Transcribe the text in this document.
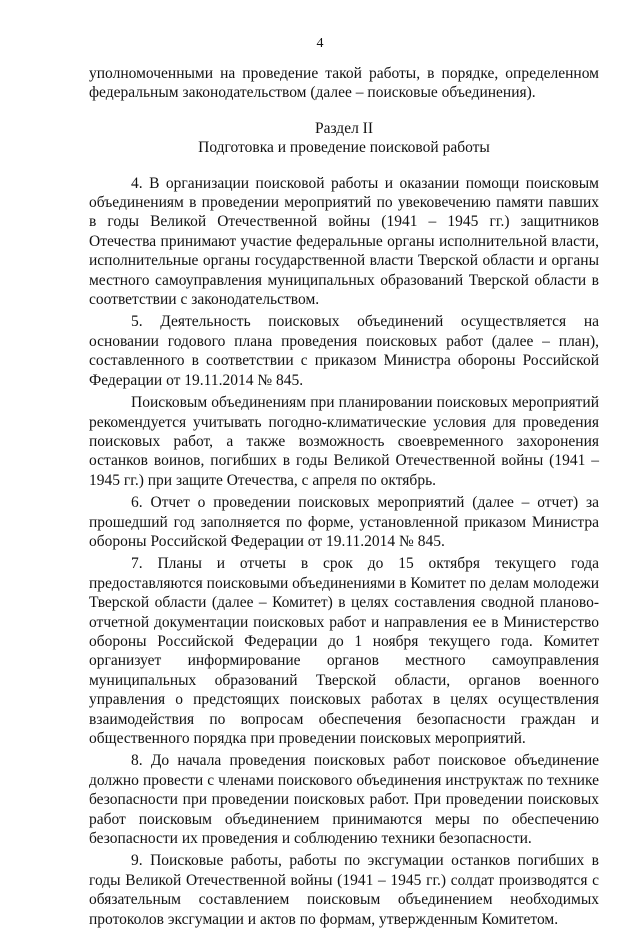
4

уполномоченными на проведение такой работы, в порядке, определенном федеральным законодательством (далее – поисковые объединения).

Раздел II

Подготовка и проведение поисковой работы

4. В организации поисковой работы и оказании помощи поисковым объединениям в проведении мероприятий по увековечению памяти павших в годы Великой Отечественной войны (1941 – 1945 гг.) защитников Отечества принимают участие федеральные органы исполнительной власти, исполнительные органы государственной власти Тверской области и органы местного самоуправления муниципальных образований Тверской области в соответствии с законодательством.

5. Деятельность поисковых объединений осуществляется на основании годового плана проведения поисковых работ (далее – план), составленного в соответствии с приказом Министра обороны Российской Федерации от 19.11.2014 № 845.

Поисковым объединениям при планировании поисковых мероприятий рекомендуется учитывать погодно-климатические условия для проведения поисковых работ, а также возможность своевременного захоронения останков воинов, погибших в годы Великой Отечественной войны (1941 – 1945 гг.) при защите Отечества, с апреля по октябрь.

6. Отчет о проведении поисковых мероприятий (далее – отчет) за прошедший год заполняется по форме, установленной приказом Министра обороны Российской Федерации от 19.11.2014 № 845.

7. Планы и отчеты в срок до 15 октября текущего года предоставляются поисковыми объединениями в Комитет по делам молодежи Тверской области (далее – Комитет) в целях составления сводной планово-отчетной документации поисковых работ и направления ее в Министерство обороны Российской Федерации до 1 ноября текущего года. Комитет организует информирование органов местного самоуправления муниципальных образований Тверской области, органов военного управления о предстоящих поисковых работах в целях осуществления взаимодействия по вопросам обеспечения безопасности граждан и общественного порядка при проведении поисковых мероприятий.

8. До начала проведения поисковых работ поисковое объединение должно провести с членами поискового объединения инструктаж по технике безопасности при проведении поисковых работ. При проведении поисковых работ поисковым объединением принимаются меры по обеспечению безопасности их проведения и соблюдению техники безопасности.

9. Поисковые работы, работы по эксгумации останков погибших в годы Великой Отечественной войны (1941 – 1945 гг.) солдат производятся с обязательным составлением поисковым объединением необходимых протоколов эксгумации и актов по формам, утвержденным Комитетом.
